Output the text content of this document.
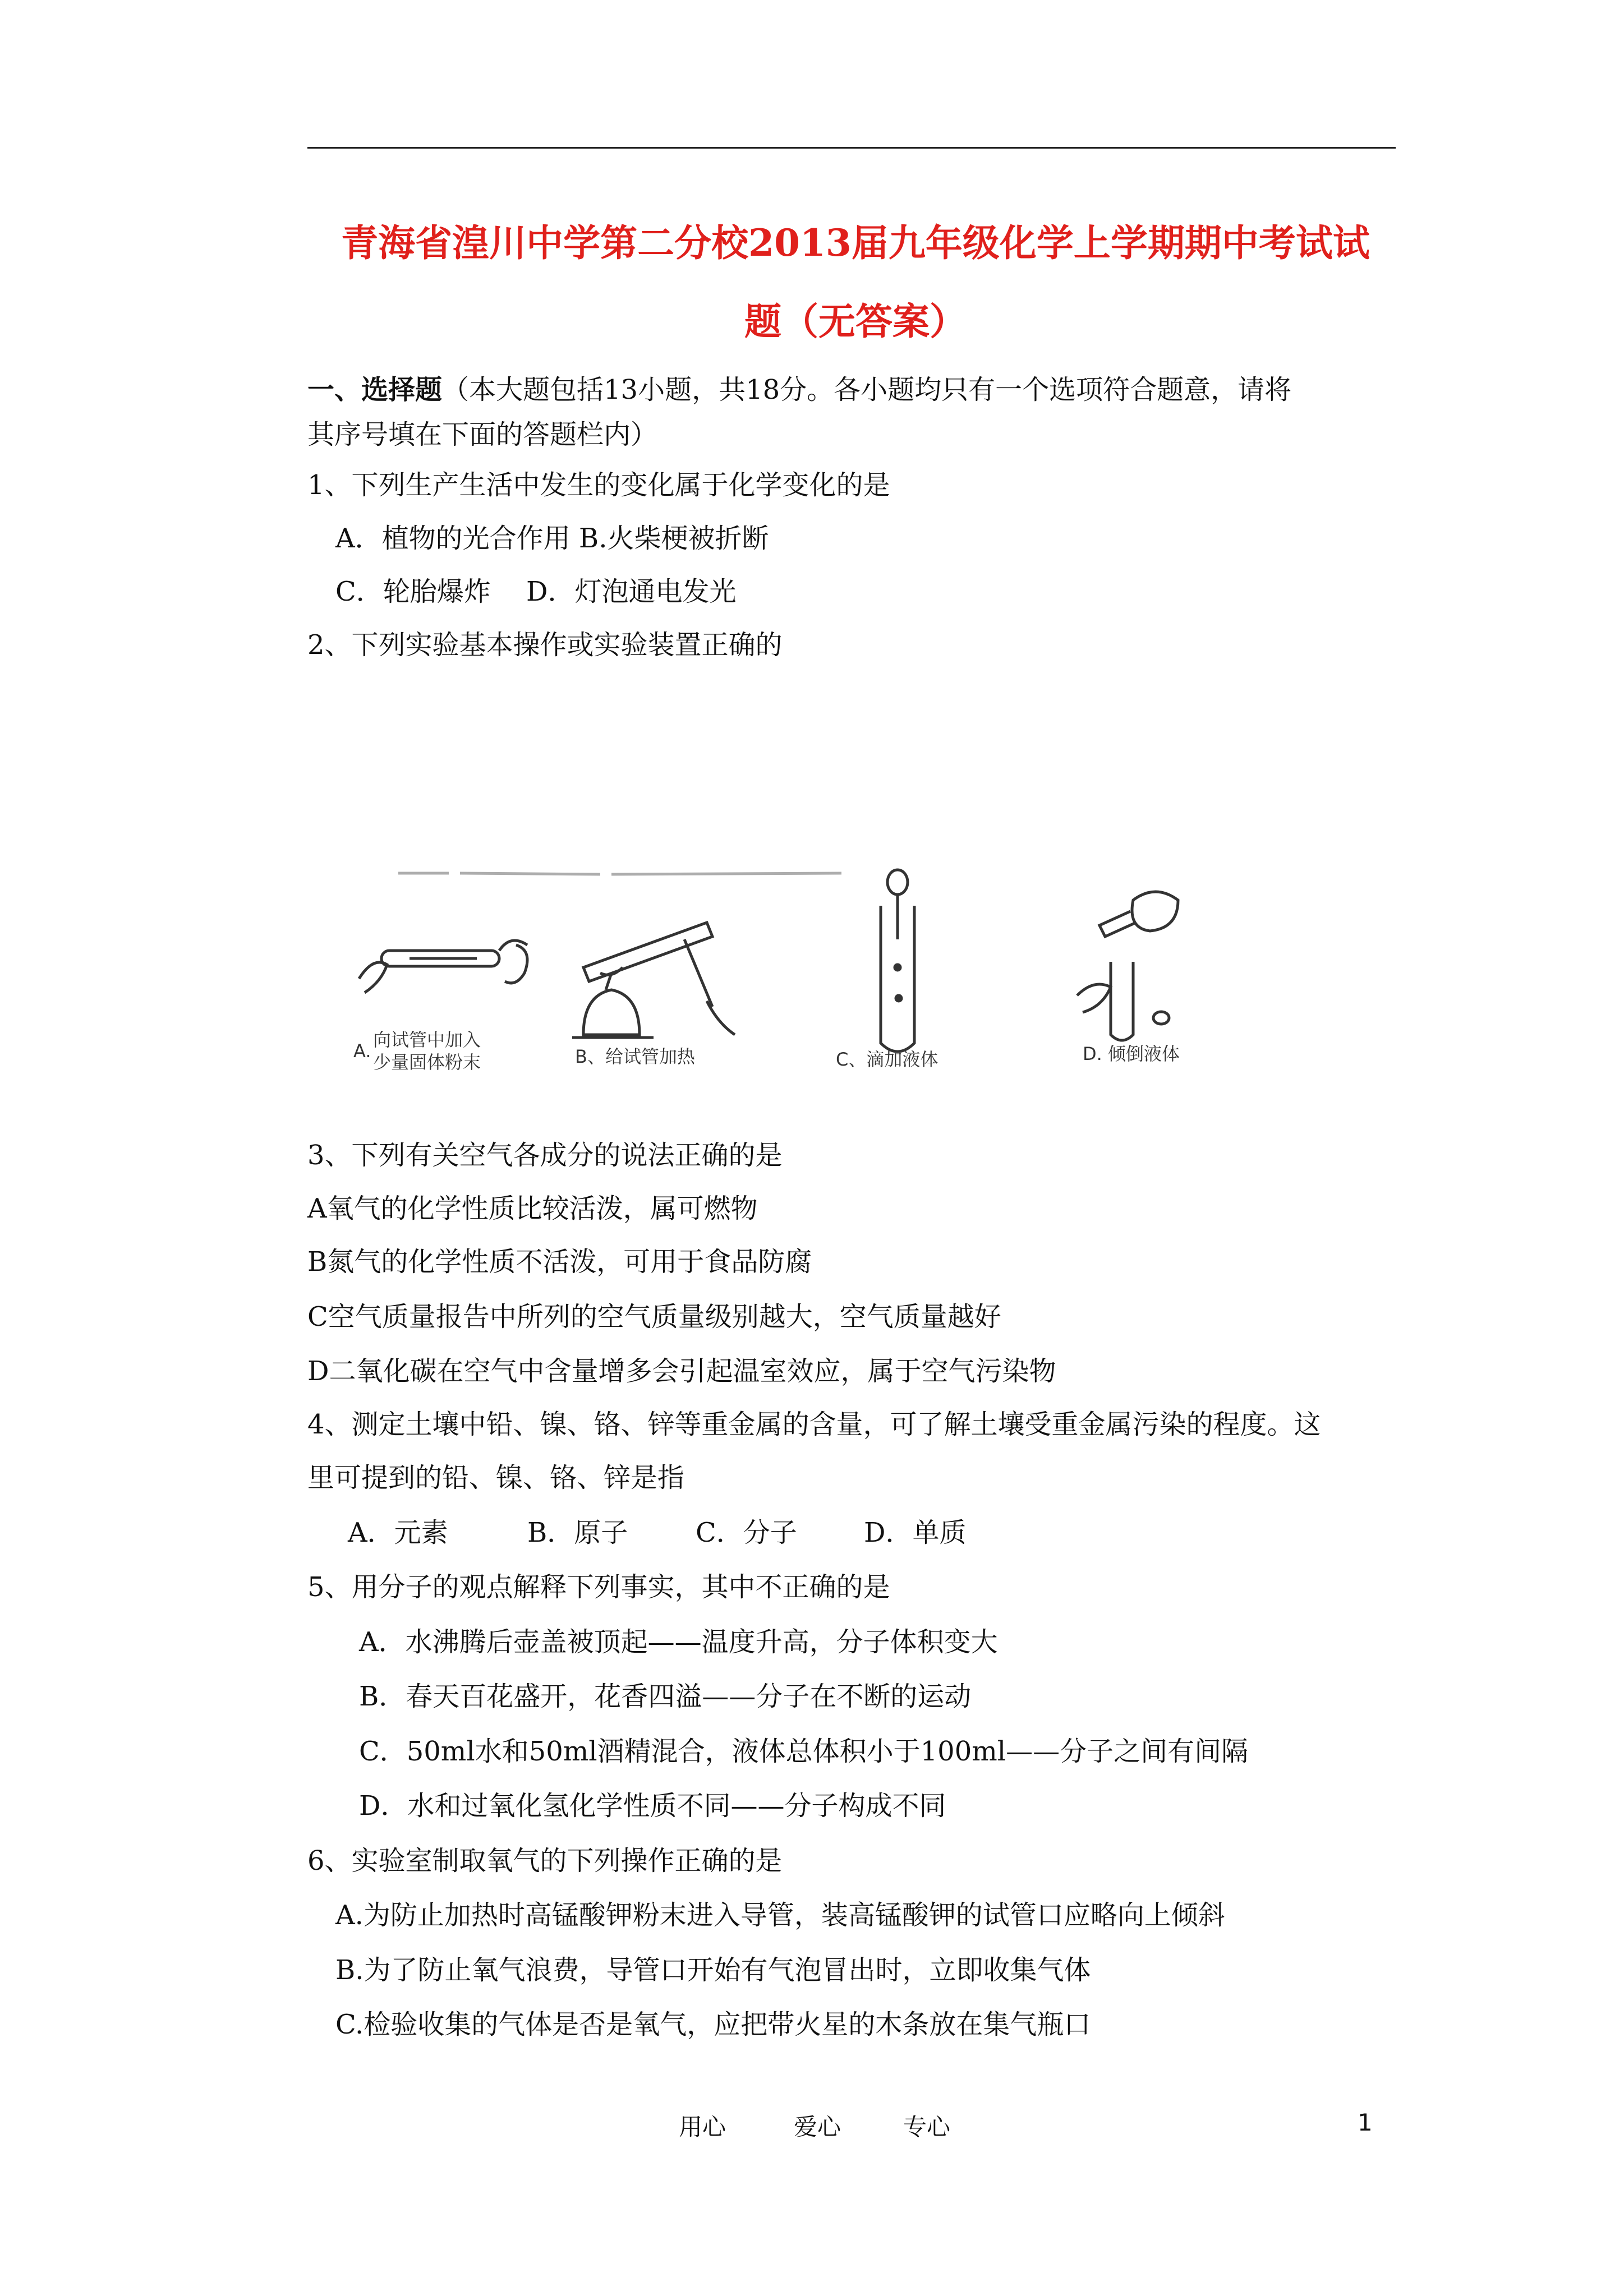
青海省湟川中学第二分校2013届九年级化学上学期期中考试试
题（无答案）
一、选择题（本大题包括13小题，共18分。各小题均只有一个选项符合题意，请将
其序号填在下面的答题栏内）
1、下列生产生活中发生的变化属于化学变化的是
A．植物的光合作用 B.火柴梗被折断
C．轮胎爆炸　 D．灯泡通电发光
2、下列实验基本操作或实验装置正确的
A.
向试管中加入
少量固体粉末	B、给试管加热	C、滴加液体	D. 倾倒液体
3、下列有关空气各成分的说法正确的是
A氧气的化学性质比较活泼，属可燃物
B氮气的化学性质不活泼，可用于食品防腐
C空气质量报告中所列的空气质量级别越大，空气质量越好
D二氧化碳在空气中含量增多会引起温室效应，属于空气污染物
4、测定土壤中铅、镍、铬、锌等重金属的含量，可了解土壤受重金属污染的程度。这
里可提到的铅、镍、铬、锌是指
A．元素	B．原子	C．分子 D．单质
5、用分子的观点解释下列事实，其中不正确的是
A．水沸腾后壶盖被顶起——温度升高，分子体积变大
B．春天百花盛开，花香四溢——分子在不断的运动
C．50ml水和50ml酒精混合，液体总体积小于100ml——分子之间有间隔
D．水和过氧化氢化学性质不同——分子构成不同
6、实验室制取氧气的下列操作正确的是
A.为防止加热时高锰酸钾粉末进入导管，装高锰酸钾的试管口应略向上倾斜
B.为了防止氧气浪费，导管口开始有气泡冒出时，立即收集气体
C.检验收集的气体是否是氧气，应把带火星的木条放在集气瓶口
用心	爱心	专心	1
